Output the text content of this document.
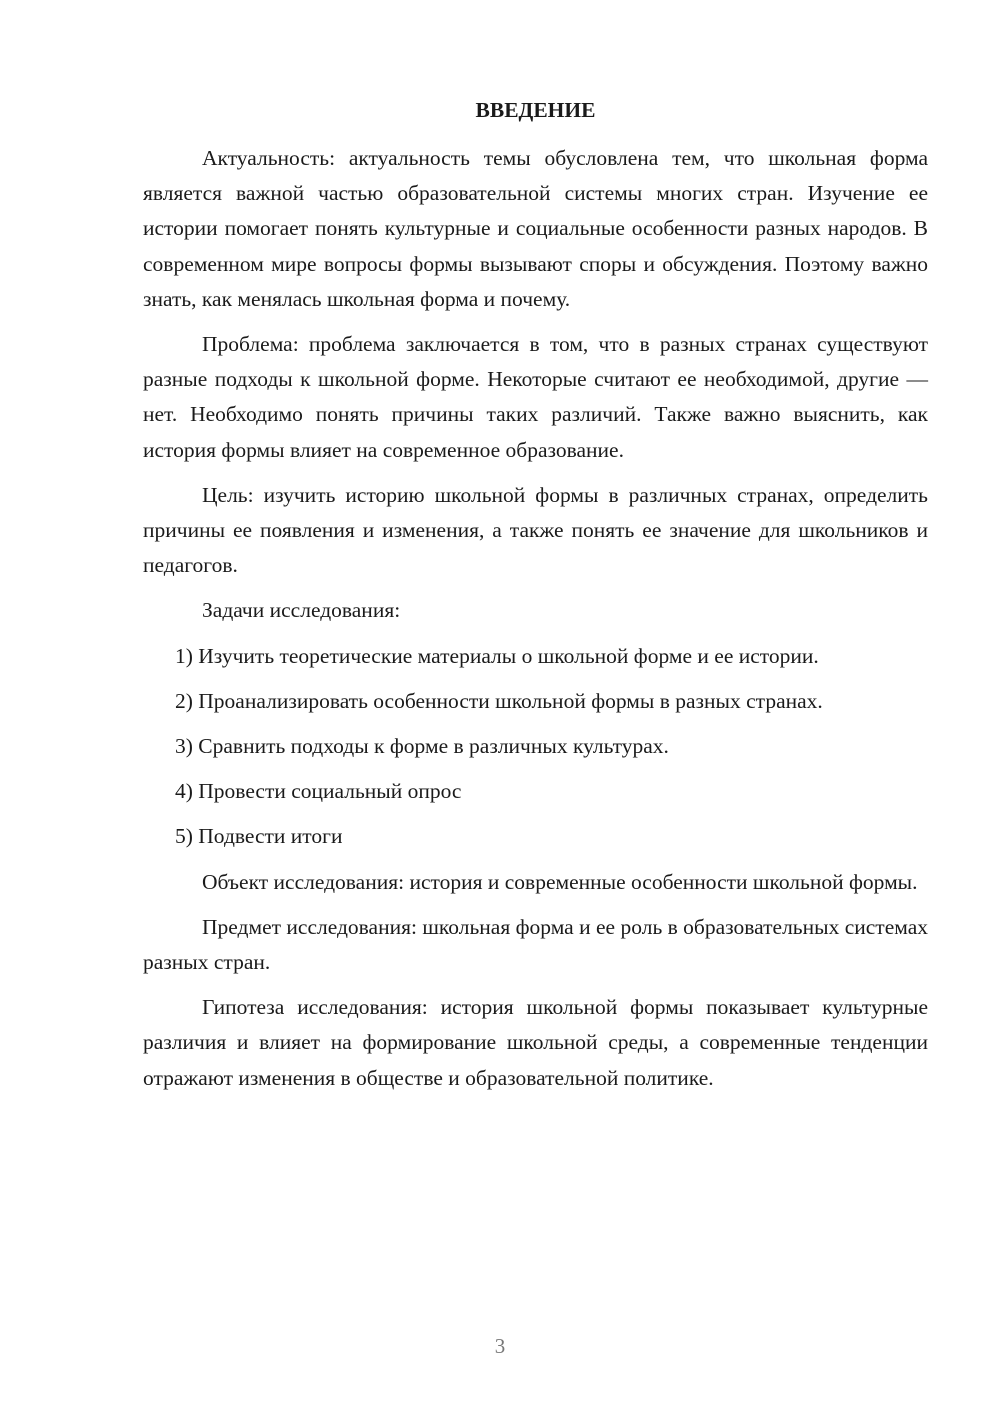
ВВЕДЕНИЕ

Актуальность: актуальность темы обусловлена тем, что школьная форма является важной частью образовательной системы многих стран. Изучение ее истории помогает понять культурные и социальные особенности разных народов. В современном мире вопросы формы вызывают споры и обсуждения. Поэтому важно знать, как менялась школьная форма и почему.

Проблема: проблема заключается в том, что в разных странах существуют разные подходы к школьной форме. Некоторые считают ее необходимой, другие — нет. Необходимо понять причины таких различий. Также важно выяснить, как история формы влияет на современное образование.

Цель: изучить историю школьной формы в различных странах, определить причины ее появления и изменения, а также понять ее значение для школьников и педагогов.

Задачи исследования:

1) Изучить теоретические материалы о школьной форме и ее истории.

2) Проанализировать особенности школьной формы в разных странах.

3) Сравнить подходы к форме в различных культурах.

4) Провести социальный опрос

5) Подвести итоги

Объект исследования: история и современные особенности школьной формы.

Предмет исследования: школьная форма и ее роль в образовательных системах разных стран.

Гипотеза исследования: история школьной формы показывает культурные различия и влияет на формирование школьной среды, а современные тенденции отражают изменения в обществе и образовательной политике.

3
